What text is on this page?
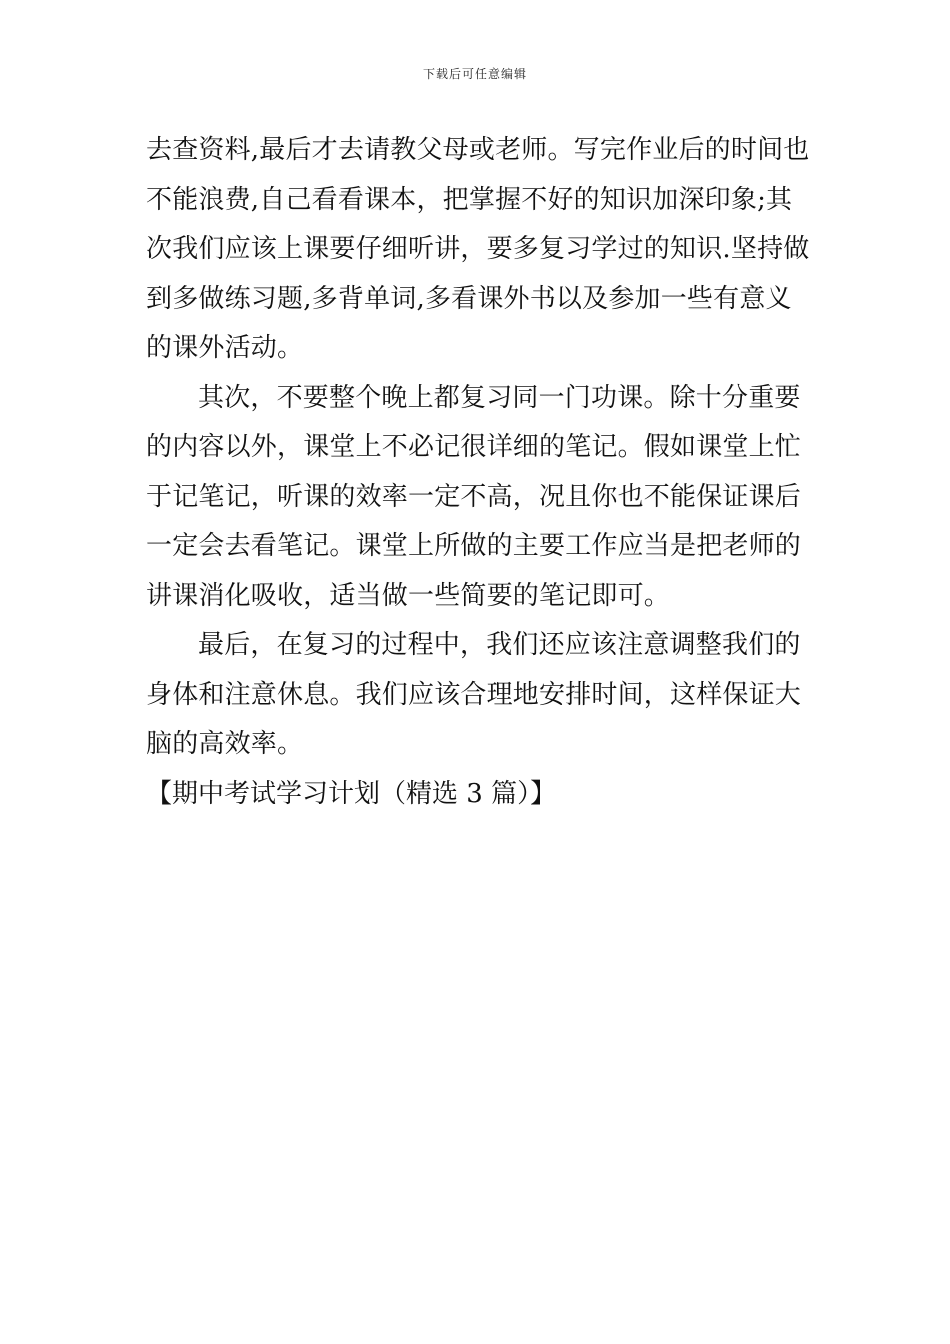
下载后可任意编辑
去查资料,最后才去请教父母或老师。写完作业后的时间也
不能浪费,自己看看课本，把掌握不好的知识加深印象;其
次我们应该上课要仔细听讲，要多复习学过的知识.坚持做
到多做练习题,多背单词,多看课外书以及参加一些有意义
的课外活动。
其次，不要整个晚上都复习同一门功课。除十分重要
的内容以外，课堂上不必记很详细的笔记。假如课堂上忙
于记笔记，听课的效率一定不高，况且你也不能保证课后
一定会去看笔记。课堂上所做的主要工作应当是把老师的
讲课消化吸收，适当做一些简要的笔记即可。
最后，在复习的过程中，我们还应该注意调整我们的
身体和注意休息。我们应该合理地安排时间，这样保证大
脑的高效率。
【期中考试学习计划（精选 3 篇）】
